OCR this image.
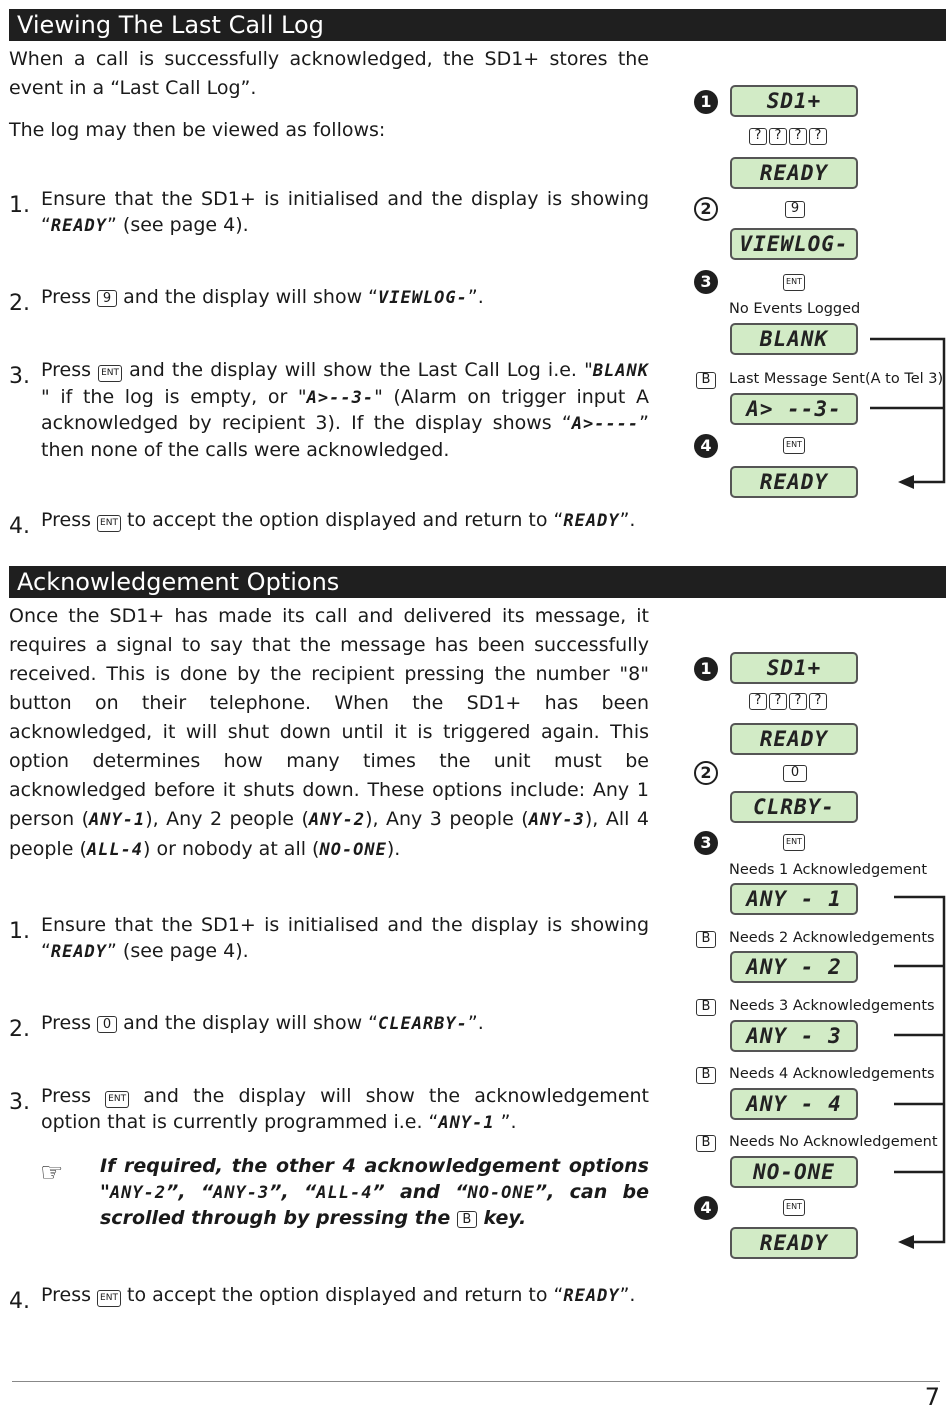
Viewing The Last Call Log
When a call is successfully acknowledged, the SD1+ stores the event in a “Last Call Log”.
The log may then be viewed as follows:
1. Ensure that the SD1+ is initialised and the display is showing “READY” (see page 4).
2. Press 9 and the display will show “VIEWLOG-”.
3. Press ENT and the display will show the Last Call Log i.e. "BLANK " if the log is empty, or "A>--3-" (Alarm on trigger input A acknowledged by recipient 3). If the display shows “A>----” then none of the calls were acknowledged.
4. Press ENT to accept the option displayed and return to “READY”.
1	SD1+
?	?	?	?
READY
2	9
VIEWLOG-
3	ENT
No Events Logged
BLANK
B	Last Message Sent(A to Tel 3)
A> --3-
4	ENT
READY
Acknowledgement Options
Once the SD1+ has made its call and delivered its message, it requires a signal to say that the message has been successfully received. This is done by the recipient pressing the number "8" button on their telephone. When the SD1+ has been acknowledged, it will shut down until it is triggered again. This option determines how many times the unit must be acknowledged before it shuts down. These options include: Any 1 person (ANY-1), Any 2 people (ANY-2), Any 3 people (ANY-3), All 4 people (ALL-4) or nobody at all (NO-ONE).
1. Ensure that the SD1+ is initialised and the display is showing “READY” (see page 4).
2. Press 0 and the display will show “CLEARBY-”.
3. Press ENT and the display will show the acknowledgement option that is currently programmed i.e. “ANY-1 ”.
☞ If required, the other 4 acknowledgement options "ANY-2”, “ANY-3”, “ALL-4” and “NO-ONE”, can be scrolled through by pressing the B key.
4. Press ENT to accept the option displayed and return to “READY”.
1	SD1+
?	?	?	?
READY
2	0
CLRBY-
3	ENT
Needs 1 Acknowledgement
ANY - 1
B	Needs 2 Acknowledgements
ANY - 2
B	Needs 3 Acknowledgements
ANY - 3
B	Needs 4 Acknowledgements
ANY - 4
B	Needs No Acknowledgement
NO-ONE
4	ENT
READY
7
